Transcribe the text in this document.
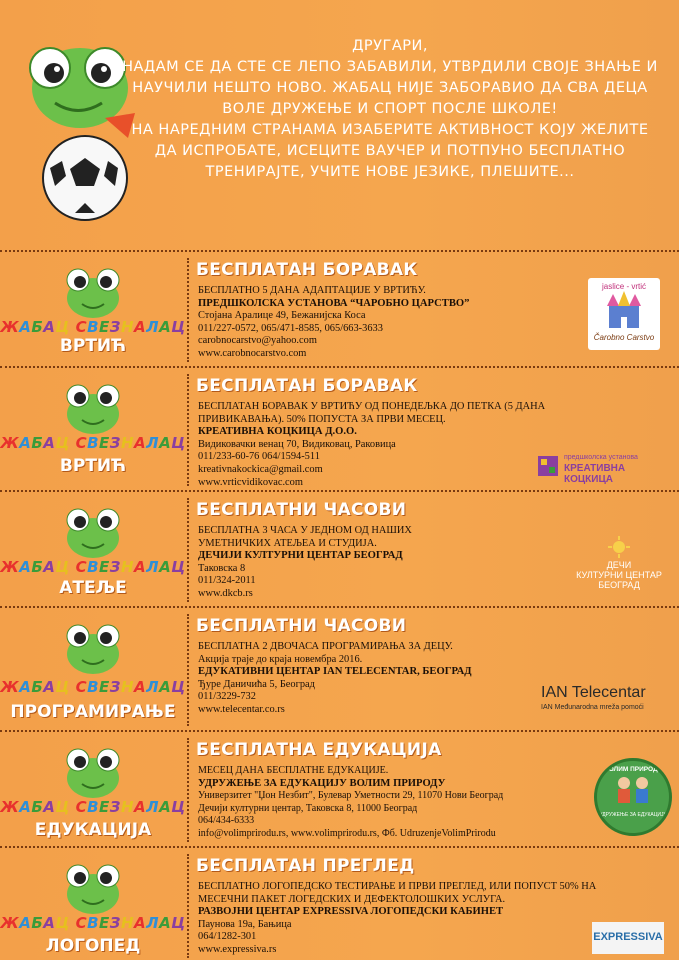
ДРУГАРИ,
НАДАМ СЕ ДА СТЕ СЕ ЛЕПО ЗАБАВИЛИ, УТВРДИЛИ СВОЈЕ ЗНАЊЕ И НАУЧИЛИ НЕШТО НОВО. ЖАБАЦ НИЈЕ ЗАБОРАВИО ДА СВА ДЕЦА ВОЛЕ ДРУЖЕЊЕ И СПОРТ ПОСЛЕ ШКОЛЕ!
НА НАРЕДНИМ СТРАНАМА ИЗАБЕРИТЕ АКТИВНОСТ КОЈУ ЖЕЛИТЕ ДА ИСПРОБАТЕ, ИСЕЦИТЕ ВАУЧЕР И ПОТПУНО БЕСПЛАТНО ТРЕНИРАЈТЕ, УЧИТЕ НОВЕ ЈЕЗИКЕ, ПЛЕШИТЕ...
ЖАБАЦ СВЕЗНАЛАЦ
ВРТИЋ
БЕСПЛАТАН БОРАВАК
БЕСПЛАТНО 5 ДАНА АДАПТАЦИЈЕ У ВРТИЋУ.
ПРЕДШКОЛСКА УСТАНОВА “ЧАРОБНО ЦАРСТВО”
Стојана Аралице 49, Бежанијска Коса
011/227-0572, 065/471-8585, 065/663-3633
carobnocarstvo@yahoo.com
www.carobnocarstvo.com
jaslice - vrtić
Čarobno Carstvo
ЖАБАЦ СВЕЗНАЛАЦ
ВРТИЋ
БЕСПЛАТАН БОРАВАК
БЕСПЛАТАН БОРАВАК У ВРТИЋУ ОД ПОНЕДЕЉКА ДО ПЕТКА (5 ДАНА ПРИВИКАВАЊА). 50% ПОПУСТА ЗА ПРВИ МЕСЕЦ.
КРЕАТИВНА КОЦКИЦА Д.О.О.
Видиковачки венац 70, Видиковац, Раковица
011/233-60-76 064/1594-511
kreativnakockica@gmail.com
www.vrticvidikovac.com
предшколска установа
КРЕАТИВНА КОЦКИЦА
ЖАБАЦ СВЕЗНАЛАЦ
АТЕЉЕ
БЕСПЛАТНИ ЧАСОВИ
БЕСПЛАТНА 3 ЧАСА У ЈЕДНОМ ОД НАШИХ УМЕТНИЧКИХ АТЕЉЕА И СТУДИЈА.
ДЕЧИЈИ КУЛТУРНИ ЦЕНТАР БЕОГРАД
Таковска 8
011/324-2011
www.dkcb.rs
ДЕЧИ
КУЛТУРНИ ЦЕНТАР
БЕОГРАД
ЖАБАЦ СВЕЗНАЛАЦ
ПРОГРАМИРАЊЕ
БЕСПЛАТНИ ЧАСОВИ
БЕСПЛАТНА 2 ДВОЧАСА ПРОГРАМИРАЊА ЗА ДЕЦУ.
Акција траје до краја новембра 2016.
ЕДУКАТИВНИ ЦЕНТАР IAN TELECENTAR, БЕОГРАД
Ђуре Даничића 5, Београд
011/3229-732
www.telecentar.co.rs
IAN Telecentar
IAN Međunarodna mreža pomoći
ЖАБАЦ СВЕЗНАЛАЦ
ЕДУКАЦИЈА
БЕСПЛАТНА ЕДУКАЦИЈА
МЕСЕЦ ДАНА БЕСПЛАТНЕ ЕДУКАЦИЈЕ.
УДРУЖЕЊЕ ЗА ЕДУКАЦИЈУ ВОЛИМ ПРИРОДУ
Универзитет "Џон Незбит", Булевар Уметности 29, 11070 Нови Београд
Дечији културни центар, Таковска 8, 11000 Београд
064/434-6333
info@volimprirodu.rs, www.volimprirodu.rs, Фб. UdruzenjeVolimPrirodu
ВОЛИМ ПРИРОДУ
УДРУЖЕЊЕ ЗА ЕДУКАЦИЈУ
ЖАБАЦ СВЕЗНАЛАЦ
ЛОГОПЕД
БЕСПЛАТАН ПРЕГЛЕД
БЕСПЛАТНО ЛОГОПЕДСКО ТЕСТИРАЊЕ И ПРВИ ПРЕГЛЕД, ИЛИ ПОПУСТ 50% НА МЕСЕЧНИ ПАКЕТ ЛОГЕДСКИХ И ДЕФЕКТОЛОШКИХ УСЛУГА.
РАЗВОЈНИ ЦЕНТАР EXPRESSIVA ЛОГОПЕДСКИ КАБИНЕТ
Паунова 19а, Бањица
064/1282-301
www.expressiva.rs
EXPRESSIVA
